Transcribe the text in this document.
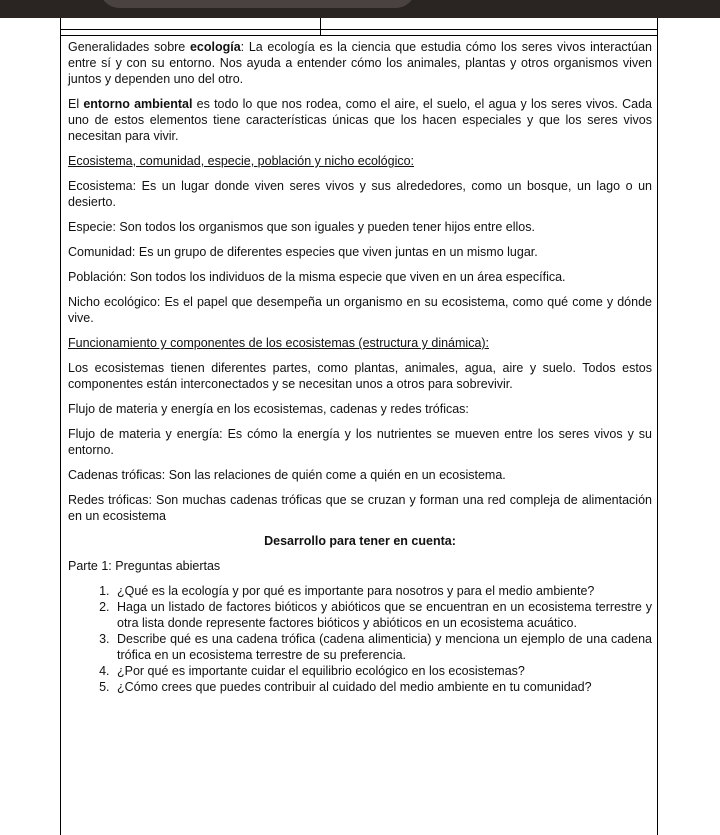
Generalidades sobre ecología: La ecología es la ciencia que estudia cómo los seres vivos interactúan entre sí y con su entorno. Nos ayuda a entender cómo los animales, plantas y otros organismos viven juntos y dependen uno del otro.

El entorno ambiental es todo lo que nos rodea, como el aire, el suelo, el agua y los seres vivos. Cada uno de estos elementos tiene características únicas que los hacen especiales y que los seres vivos necesitan para vivir.

Ecosistema, comunidad, especie, población y nicho ecológico:

Ecosistema: Es un lugar donde viven seres vivos y sus alrededores, como un bosque, un lago o un desierto.

Especie: Son todos los organismos que son iguales y pueden tener hijos entre ellos.

Comunidad: Es un grupo de diferentes especies que viven juntas en un mismo lugar.

Población: Son todos los individuos de la misma especie que viven en un área específica.

Nicho ecológico: Es el papel que desempeña un organismo en su ecosistema, como qué come y dónde vive.

Funcionamiento y componentes de los ecosistemas (estructura y dinámica):

Los ecosistemas tienen diferentes partes, como plantas, animales, agua, aire y suelo. Todos estos componentes están interconectados y se necesitan unos a otros para sobrevivir.

Flujo de materia y energía en los ecosistemas, cadenas y redes tróficas:

Flujo de materia y energía: Es cómo la energía y los nutrientes se mueven entre los seres vivos y su entorno.

Cadenas tróficas: Son las relaciones de quién come a quién en un ecosistema.

Redes tróficas: Son muchas cadenas tróficas que se cruzan y forman una red compleja de alimentación en un ecosistema

Desarrollo para tener en cuenta:

Parte 1: Preguntas abiertas

1. ¿Qué es la ecología y por qué es importante para nosotros y para el medio ambiente?
2. Haga un listado de factores bióticos y abióticos que se encuentran en un ecosistema terrestre y otra lista donde represente factores bióticos y abióticos en un ecosistema acuático.
3. Describe qué es una cadena trófica (cadena alimenticia) y menciona un ejemplo de una cadena trófica en un ecosistema terrestre de su preferencia.
4. ¿Por qué es importante cuidar el equilibrio ecológico en los ecosistemas?
5. ¿Cómo crees que puedes contribuir al cuidado del medio ambiente en tu comunidad?
